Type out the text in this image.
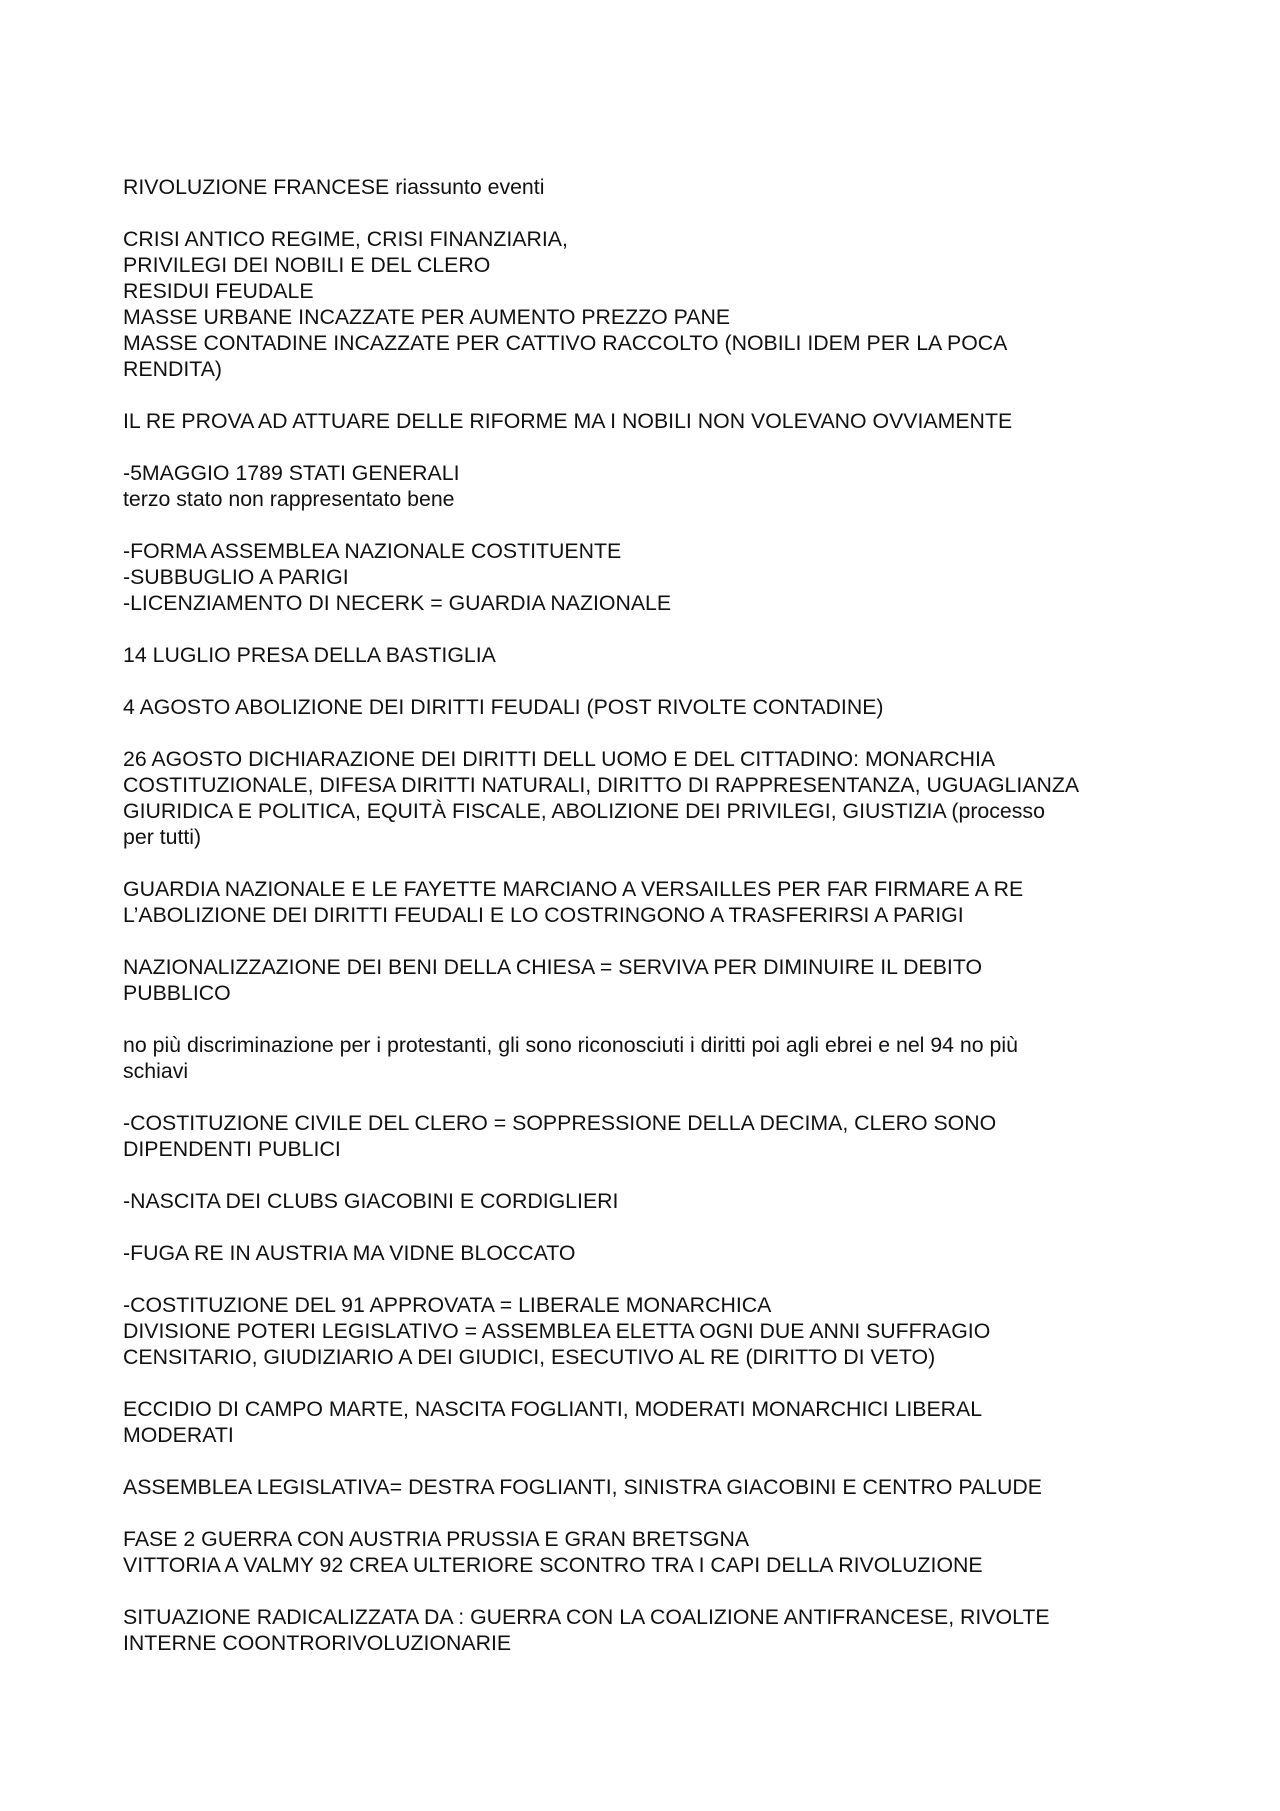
RIVOLUZIONE FRANCESE riassunto eventi

CRISI ANTICO REGIME, CRISI FINANZIARIA,
PRIVILEGI DEI NOBILI E DEL CLERO
RESIDUI FEUDALE
MASSE URBANE INCAZZATE PER AUMENTO PREZZO PANE
MASSE CONTADINE INCAZZATE PER CATTIVO RACCOLTO (NOBILI IDEM PER LA POCA
RENDITA)

IL RE PROVA AD ATTUARE DELLE RIFORME MA I NOBILI NON VOLEVANO OVVIAMENTE

-5MAGGIO 1789 STATI GENERALI
terzo stato non rappresentato bene

-FORMA ASSEMBLEA NAZIONALE COSTITUENTE
-SUBBUGLIO A PARIGI
-LICENZIAMENTO DI NECERK = GUARDIA NAZIONALE

14 LUGLIO PRESA DELLA BASTIGLIA

4 AGOSTO ABOLIZIONE DEI DIRITTI FEUDALI (POST RIVOLTE CONTADINE)

26 AGOSTO DICHIARAZIONE DEI DIRITTI DELL UOMO E DEL CITTADINO: MONARCHIA
COSTITUZIONALE, DIFESA DIRITTI NATURALI, DIRITTO DI RAPPRESENTANZA, UGUAGLIANZA
GIURIDICA E POLITICA, EQUITÀ FISCALE, ABOLIZIONE DEI PRIVILEGI, GIUSTIZIA (processo
per tutti)

GUARDIA NAZIONALE E LE FAYETTE MARCIANO A VERSAILLES PER FAR FIRMARE A RE
L’ABOLIZIONE DEI DIRITTI FEUDALI E LO COSTRINGONO A TRASFERIRSI A PARIGI

NAZIONALIZZAZIONE DEI BENI DELLA CHIESA = SERVIVA PER DIMINUIRE IL DEBITO
PUBBLICO

no più discriminazione per i protestanti, gli sono riconosciuti i diritti poi agli ebrei e nel 94 no più
schiavi

-COSTITUZIONE CIVILE DEL CLERO = SOPPRESSIONE DELLA DECIMA, CLERO SONO
DIPENDENTI PUBLICI

-NASCITA DEI CLUBS GIACOBINI E CORDIGLIERI

-FUGA RE IN AUSTRIA MA VIDNE BLOCCATO

-COSTITUZIONE DEL 91 APPROVATA = LIBERALE MONARCHICA
DIVISIONE POTERI LEGISLATIVO = ASSEMBLEA ELETTA OGNI DUE ANNI SUFFRAGIO
CENSITARIO, GIUDIZIARIO A DEI GIUDICI, ESECUTIVO AL RE (DIRITTO DI VETO)

ECCIDIO DI CAMPO MARTE, NASCITA FOGLIANTI, MODERATI MONARCHICI LIBERAL
MODERATI

ASSEMBLEA LEGISLATIVA= DESTRA FOGLIANTI, SINISTRA GIACOBINI E CENTRO PALUDE

FASE 2 GUERRA CON AUSTRIA PRUSSIA E GRAN BRETSGNA
VITTORIA A VALMY 92 CREA ULTERIORE SCONTRO TRA I CAPI DELLA RIVOLUZIONE

SITUAZIONE RADICALIZZATA DA : GUERRA CON LA COALIZIONE ANTIFRANCESE, RIVOLTE
INTERNE COONTRORIVOLUZIONARIE
